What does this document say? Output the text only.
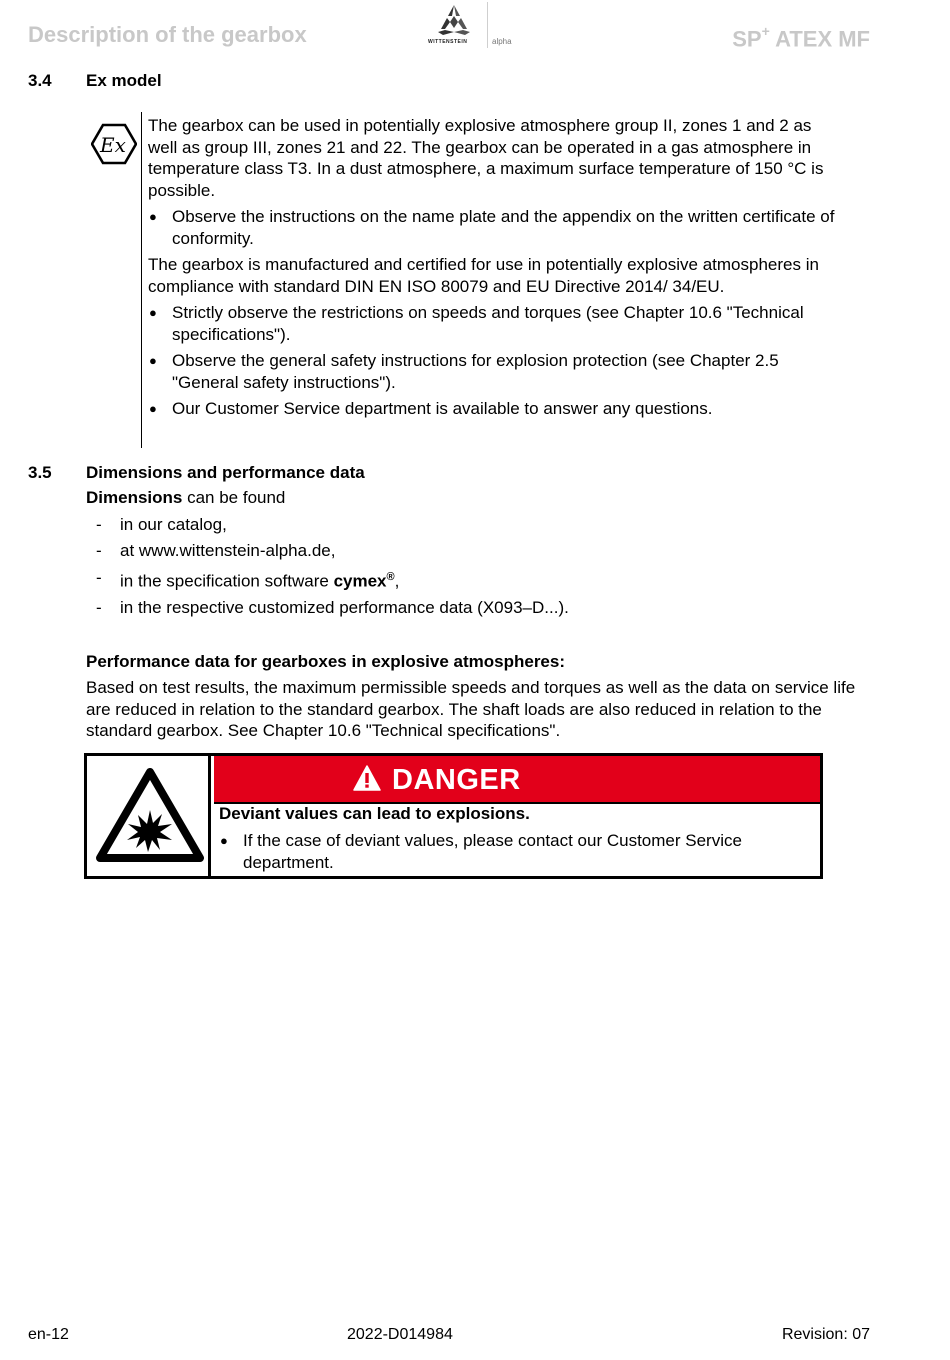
Description of the gearbox	WITTENSTEIN	alpha	SP+ ATEX MF
3.4 Ex model
Ex

The gearbox can be used in potentially explosive atmosphere group II, zones 1 and 2 as well as group III, zones 21 and 22. The gearbox can be operated in a gas atmosphere in temperature class T3. In a dust atmosphere, a maximum surface temperature of 150 °C is possible.

● Observe the instructions on the name plate and the appendix on the written certificate of conformity.

The gearbox is manufactured and certified for use in potentially explosive atmospheres in compliance with standard DIN EN ISO 80079 and EU Directive 2014/ 34/EU.

● Strictly observe the restrictions on speeds and torques (see Chapter 10.6 "Technical specifications").
● Observe the general safety instructions for explosion protection (see Chapter 2.5 "General safety instructions").
● Our Customer Service department is available to answer any questions.
3.5 Dimensions and performance data

Dimensions can be found

- in our catalog,
- at www.wittenstein-alpha.de,
- in the specification software cymex®,
- in the respective customized performance data (X093–D...).
Performance data for gearboxes in explosive atmospheres:

Based on test results, the maximum permissible speeds and torques as well as the data on service life are reduced in relation to the standard gearbox. The shaft loads are also reduced in relation to the standard gearbox. See Chapter 10.6 "Technical specifications".

DANGER
Deviant values can lead to explosions.
● If the case of deviant values, please contact our Customer Service department.
en-12	2022-D014984	Revision: 07
